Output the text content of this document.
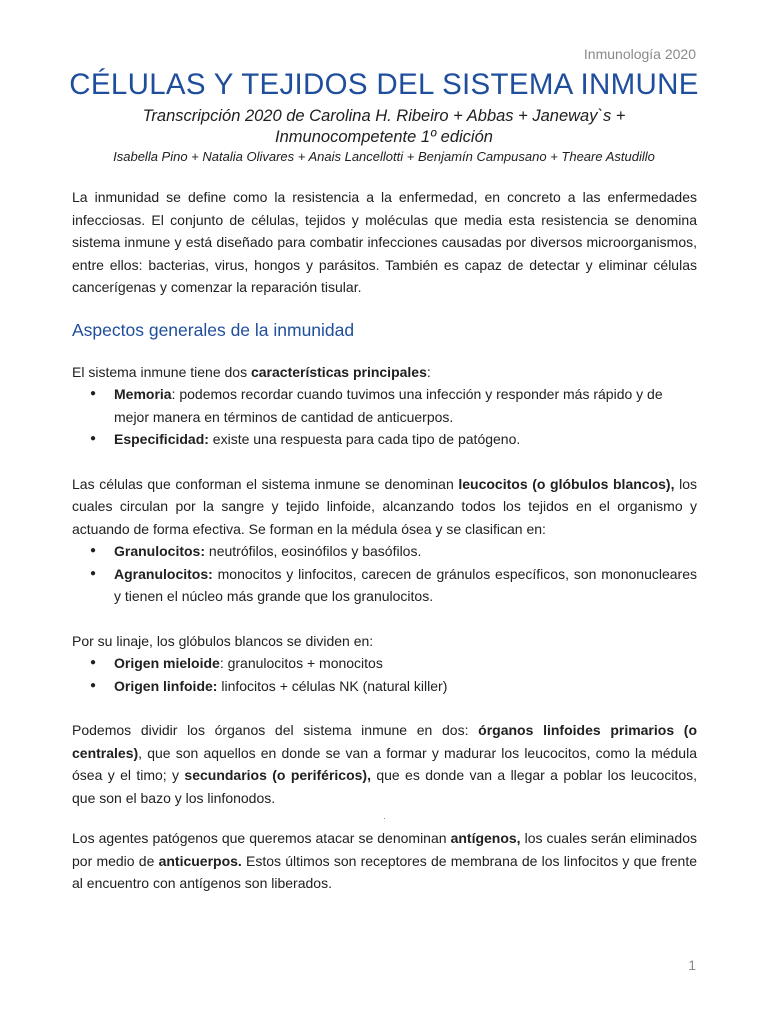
Inmunología 2020
CÉLULAS Y TEJIDOS DEL SISTEMA INMUNE
Transcripción 2020 de Carolina H. Ribeiro + Abbas + Janeway`s + Inmunocompetente 1º edición
Isabella Pino + Natalia Olivares + Anais Lancellotti + Benjamín Campusano + Theare Astudillo

La inmunidad se define como la resistencia a la enfermedad, en concreto a las enfermedades infecciosas. El conjunto de células, tejidos y moléculas que media esta resistencia se denomina sistema inmune y está diseñado para combatir infecciones causadas por diversos microorganismos, entre ellos: bacterias, virus, hongos y parásitos. También es capaz de detectar y eliminar células cancerígenas y comenzar la reparación tisular.

Aspectos generales de la inmunidad

El sistema inmune tiene dos características principales:

● Memoria: podemos recordar cuando tuvimos una infección y responder más rápido y de mejor manera en términos de cantidad de anticuerpos.
● Especificidad: existe una respuesta para cada tipo de patógeno.

Las células que conforman el sistema inmune se denominan leucocitos (o glóbulos blancos), los cuales circulan por la sangre y tejido linfoide, alcanzando todos los tejidos en el organismo y actuando de forma efectiva. Se forman en la médula ósea y se clasifican en:

● Granulocitos: neutrófilos, eosinófilos y basófilos.
● Agranulocitos: monocitos y linfocitos, carecen de gránulos específicos, son mononucleares y tienen el núcleo más grande que los granulocitos.

Por su linaje, los glóbulos blancos se dividen en:

● Origen mieloide: granulocitos + monocitos
● Origen linfoide: linfocitos + células NK (natural killer)

Podemos dividir los órganos del sistema inmune en dos: órganos linfoides primarios (o centrales), que son aquellos en donde se van a formar y madurar los leucocitos, como la médula ósea y el timo; y secundarios (o periféricos), que es donde van a llegar a poblar los leucocitos, que son el bazo y los linfonodos.

·

Los agentes patógenos que queremos atacar se denominan antígenos, los cuales serán eliminados por medio de anticuerpos. Estos últimos son receptores de membrana de los linfocitos y que frente al encuentro con antígenos son liberados.

1
